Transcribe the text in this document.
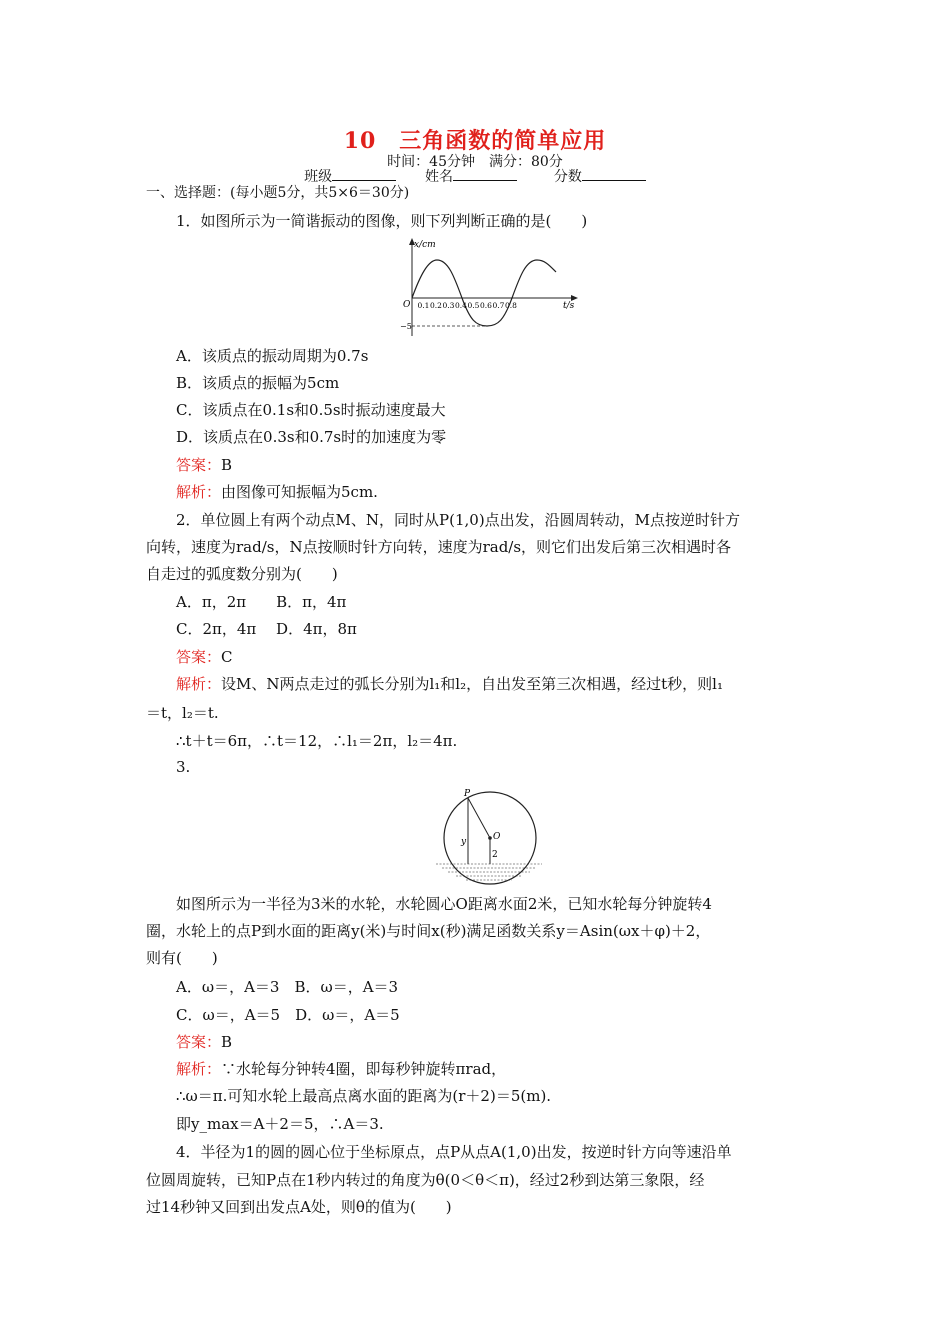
10　三角函数的简单应用
时间：45分钟　满分：80分
班级	姓名	分数
一、选择题：(每小题5分，共5×6＝30分)
1．如图所示为一简谐振动的图像，则下列判断正确的是(　　)
x/cm
t/s
O
−5
0.1 0.2 0.3 0.4 0.5 0.6 0.7 0.8
A．该质点的振动周期为0.7s
B．该质点的振幅为5cm
C．该质点在0.1s和0.5s时振动速度最大
D．该质点在0.3s和0.7s时的加速度为零
答案：B
解析：由图像可知振幅为5cm.
2．单位圆上有两个动点M、N，同时从P(1,0)点出发，沿圆周转动，M点按逆时针方
向转，速度为rad/s，N点按顺时针方向转，速度为rad/s，则它们出发后第三次相遇时各
自走过的弧度数分别为(　　)
A．π，2π　　B．π，4π
C．2π，4π　 D．4π，8π
答案：C
解析：设M、N两点走过的弧长分别为l₁和l₂，自出发至第三次相遇，经过t秒，则l₁
＝t，l₂＝t.
∴t＋t＝6π，∴t＝12，∴l₁＝2π，l₂＝4π.
3.
P
O
y
2
如图所示为一半径为3米的水轮，水轮圆心O距离水面2米，已知水轮每分钟旋转4
圈，水轮上的点P到水面的距离y(米)与时间x(秒)满足函数关系y＝Asin(ωx＋φ)＋2，
则有(　　)
A．ω＝，A＝3　B．ω＝，A＝3
C．ω＝，A＝5　D．ω＝，A＝5
答案：B
解析：∵水轮每分钟转4圈，即每秒钟旋转πrad，
∴ω＝π.可知水轮上最高点离水面的距离为(r＋2)＝5(m).
即y_max＝A＋2＝5，∴A＝3.
4．半径为1的圆的圆心位于坐标原点，点P从点A(1,0)出发，按逆时针方向等速沿单
位圆周旋转，已知P点在1秒内转过的角度为θ(0＜θ＜π)，经过2秒到达第三象限，经
过14秒钟又回到出发点A处，则θ的值为(　　)
